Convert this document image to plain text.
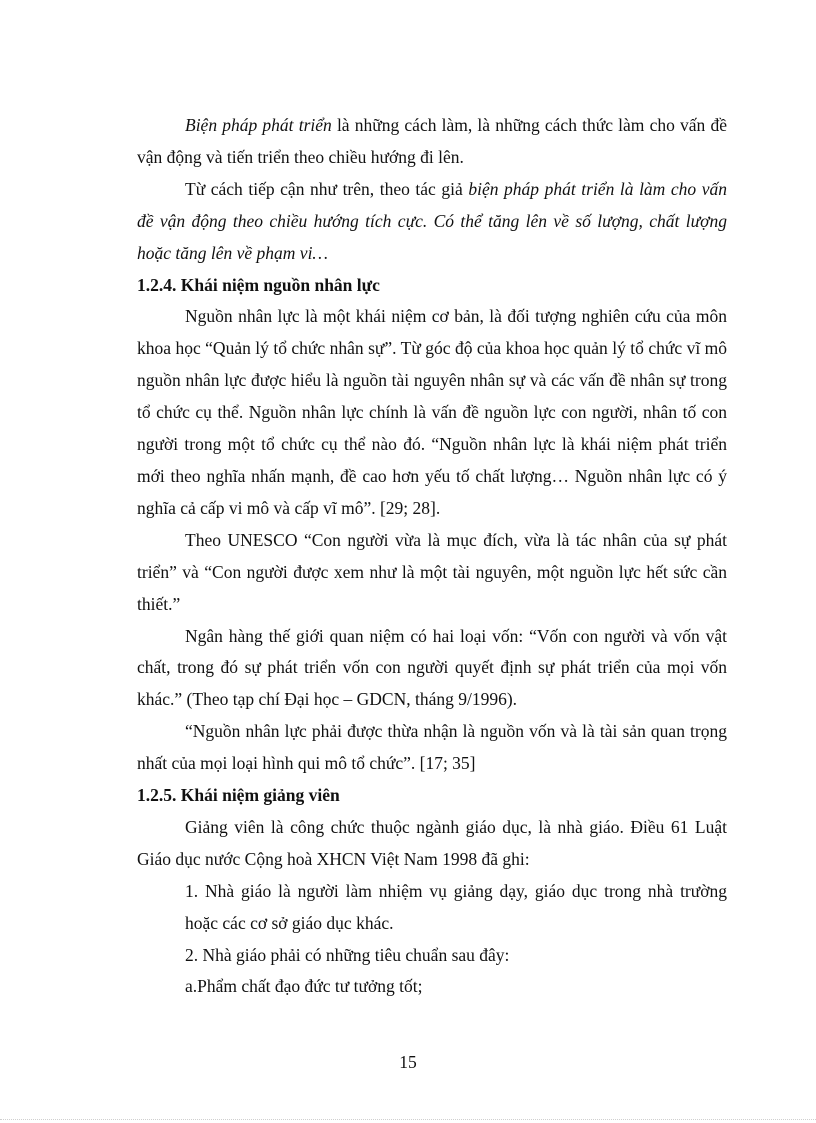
Biện pháp phát triển là những cách làm, là những cách thức làm cho vấn đề vận động và tiến triển theo chiều hướng đi lên.

Từ cách tiếp cận như trên, theo tác giả biện pháp phát triển là làm cho vấn đề vận động theo chiều hướng tích cực. Có thể tăng lên về số lượng, chất lượng hoặc tăng lên về phạm vi…

1.2.4. Khái niệm nguồn nhân lực

Nguồn nhân lực là một khái niệm cơ bản, là đối tượng nghiên cứu của môn khoa học “Quản lý tổ chức nhân sự”. Từ góc độ của khoa học quản lý tổ chức vĩ mô nguồn nhân lực được hiểu là nguồn tài nguyên nhân sự và các vấn đề nhân sự trong tổ chức cụ thể. Nguồn nhân lực chính là vấn đề nguồn lực con người, nhân tố con người trong một tổ chức cụ thể nào đó. “Nguồn nhân lực là khái niệm phát triển mới theo nghĩa nhấn mạnh, đề cao hơn yếu tố chất lượng… Nguồn nhân lực có ý nghĩa cả cấp vi mô và cấp vĩ mô”. [29; 28].

Theo UNESCO “Con người vừa là mục đích, vừa là tác nhân của sự phát triển” và “Con người được xem như là một tài nguyên, một nguồn lực hết sức cần thiết.”

Ngân hàng thế giới quan niệm có hai loại vốn: “Vốn con người và vốn vật chất, trong đó sự phát triển vốn con người quyết định sự phát triển của mọi vốn khác.” (Theo tạp chí Đại học – GDCN, tháng 9/1996).

“Nguồn nhân lực phải được thừa nhận là nguồn vốn và là tài sản quan trọng nhất của mọi loại hình qui mô tổ chức”. [17; 35]

1.2.5. Khái niệm giảng viên

Giảng viên là công chức thuộc ngành giáo dục, là nhà giáo. Điều 61 Luật Giáo dục nước Cộng hoà XHCN Việt Nam 1998 đã ghi:

1. Nhà giáo là người làm nhiệm vụ giảng dạy, giáo dục trong nhà trường hoặc các cơ sở giáo dục khác.

2. Nhà giáo phải có những tiêu chuẩn sau đây:

a.Phẩm chất đạo đức tư tưởng tốt;

15
